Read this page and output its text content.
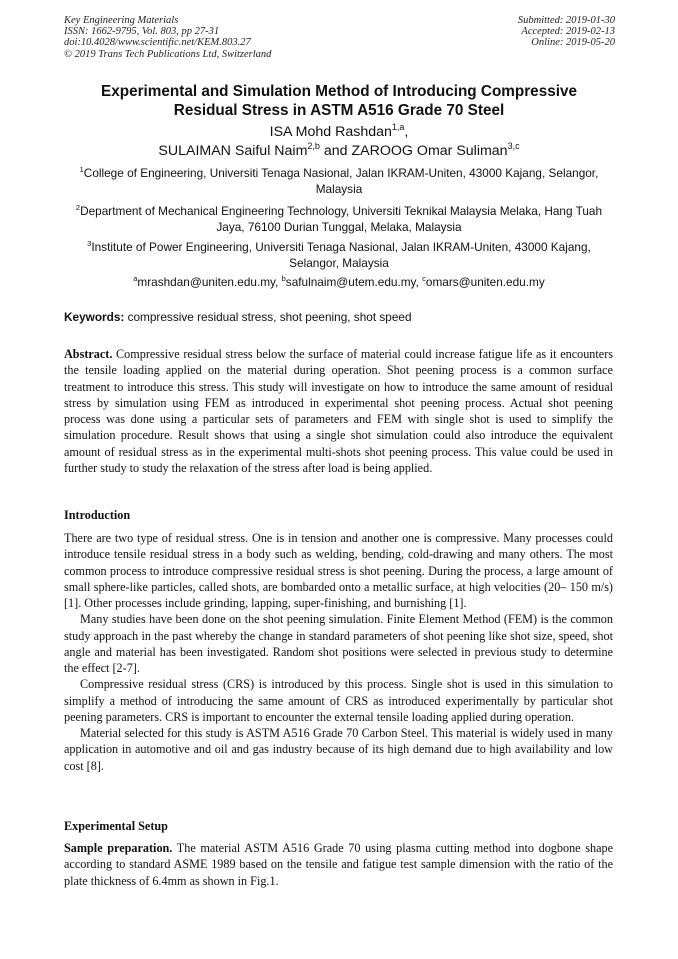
Key Engineering Materials
ISSN: 1662-9795, Vol. 803, pp 27-31
doi:10.4028/www.scientific.net/KEM.803.27
© 2019 Trans Tech Publications Ltd, Switzerland
Submitted: 2019-01-30
Accepted: 2019-02-13
Online: 2019-05-20
Experimental and Simulation Method of Introducing Compressive
Residual Stress in ASTM A516 Grade 70 Steel
ISA Mohd Rashdan$^{1,a}$,
SULAIMAN Saiful Naim$^{2,b}$ and ZAROOG Omar Suliman$^{3,c}$
$^1$College of Engineering, Universiti Tenaga Nasional, Jalan IKRAM-Uniten, 43000 Kajang, Selangor, Malaysia
$^2$Department of Mechanical Engineering Technology, Universiti Teknikal Malaysia Melaka, Hang Tuah Jaya, 76100 Durian Tunggal, Melaka, Malaysia
$^3$Institute of Power Engineering, Universiti Tenaga Nasional, Jalan IKRAM-Uniten, 43000 Kajang, Selangor, Malaysia
$^a$mrashdan@uniten.edu.my, $^b$safulnaim@utem.edu.my, $^c$omars@uniten.edu.my
Keywords: compressive residual stress, shot peening, shot speed

Abstract. Compressive residual stress below the surface of material could increase fatigue life as it encounters the tensile loading applied on the material during operation. Shot peening process is a common surface treatment to introduce this stress. This study will investigate on how to introduce the same amount of residual stress by simulation using FEM as introduced in experimental shot peening process. Actual shot peening process was done using a particular sets of parameters and FEM with single shot is used to simplify the simulation procedure. Result shows that using a single shot simulation could also introduce the equivalent amount of residual stress as in the experimental multi-shots shot peening process. This value could be used in further study to study the relaxation of the stress after load is being applied.

Introduction

There are two type of residual stress. One is in tension and another one is compressive. Many processes could introduce tensile residual stress in a body such as welding, bending, cold-drawing and many others. The most common process to introduce compressive residual stress is shot peening. During the process, a large amount of small sphere-like particles, called shots, are bombarded onto a metallic surface, at high velocities (20– 150 m/s) [1]. Other processes include grinding, lapping, super-finishing, and burnishing [1].

Many studies have been done on the shot peening simulation. Finite Element Method (FEM) is the common study approach in the past whereby the change in standard parameters of shot peening like shot size, speed, shot angle and material has been investigated. Random shot positions were selected in previous study to determine the effect [2-7].

Compressive residual stress (CRS) is introduced by this process. Single shot is used in this simulation to simplify a method of introducing the same amount of CRS as introduced experimentally by particular shot peening parameters. CRS is important to encounter the external tensile loading applied during operation.

Material selected for this study is ASTM A516 Grade 70 Carbon Steel. This material is widely used in many application in automotive and oil and gas industry because of its high demand due to high availability and low cost [8].

Experimental Setup

Sample preparation. The material ASTM A516 Grade 70 using plasma cutting method into dogbone shape according to standard ASME 1989 based on the tensile and fatigue test sample dimension with the ratio of the plate thickness of 6.4mm as shown in Fig.1.
